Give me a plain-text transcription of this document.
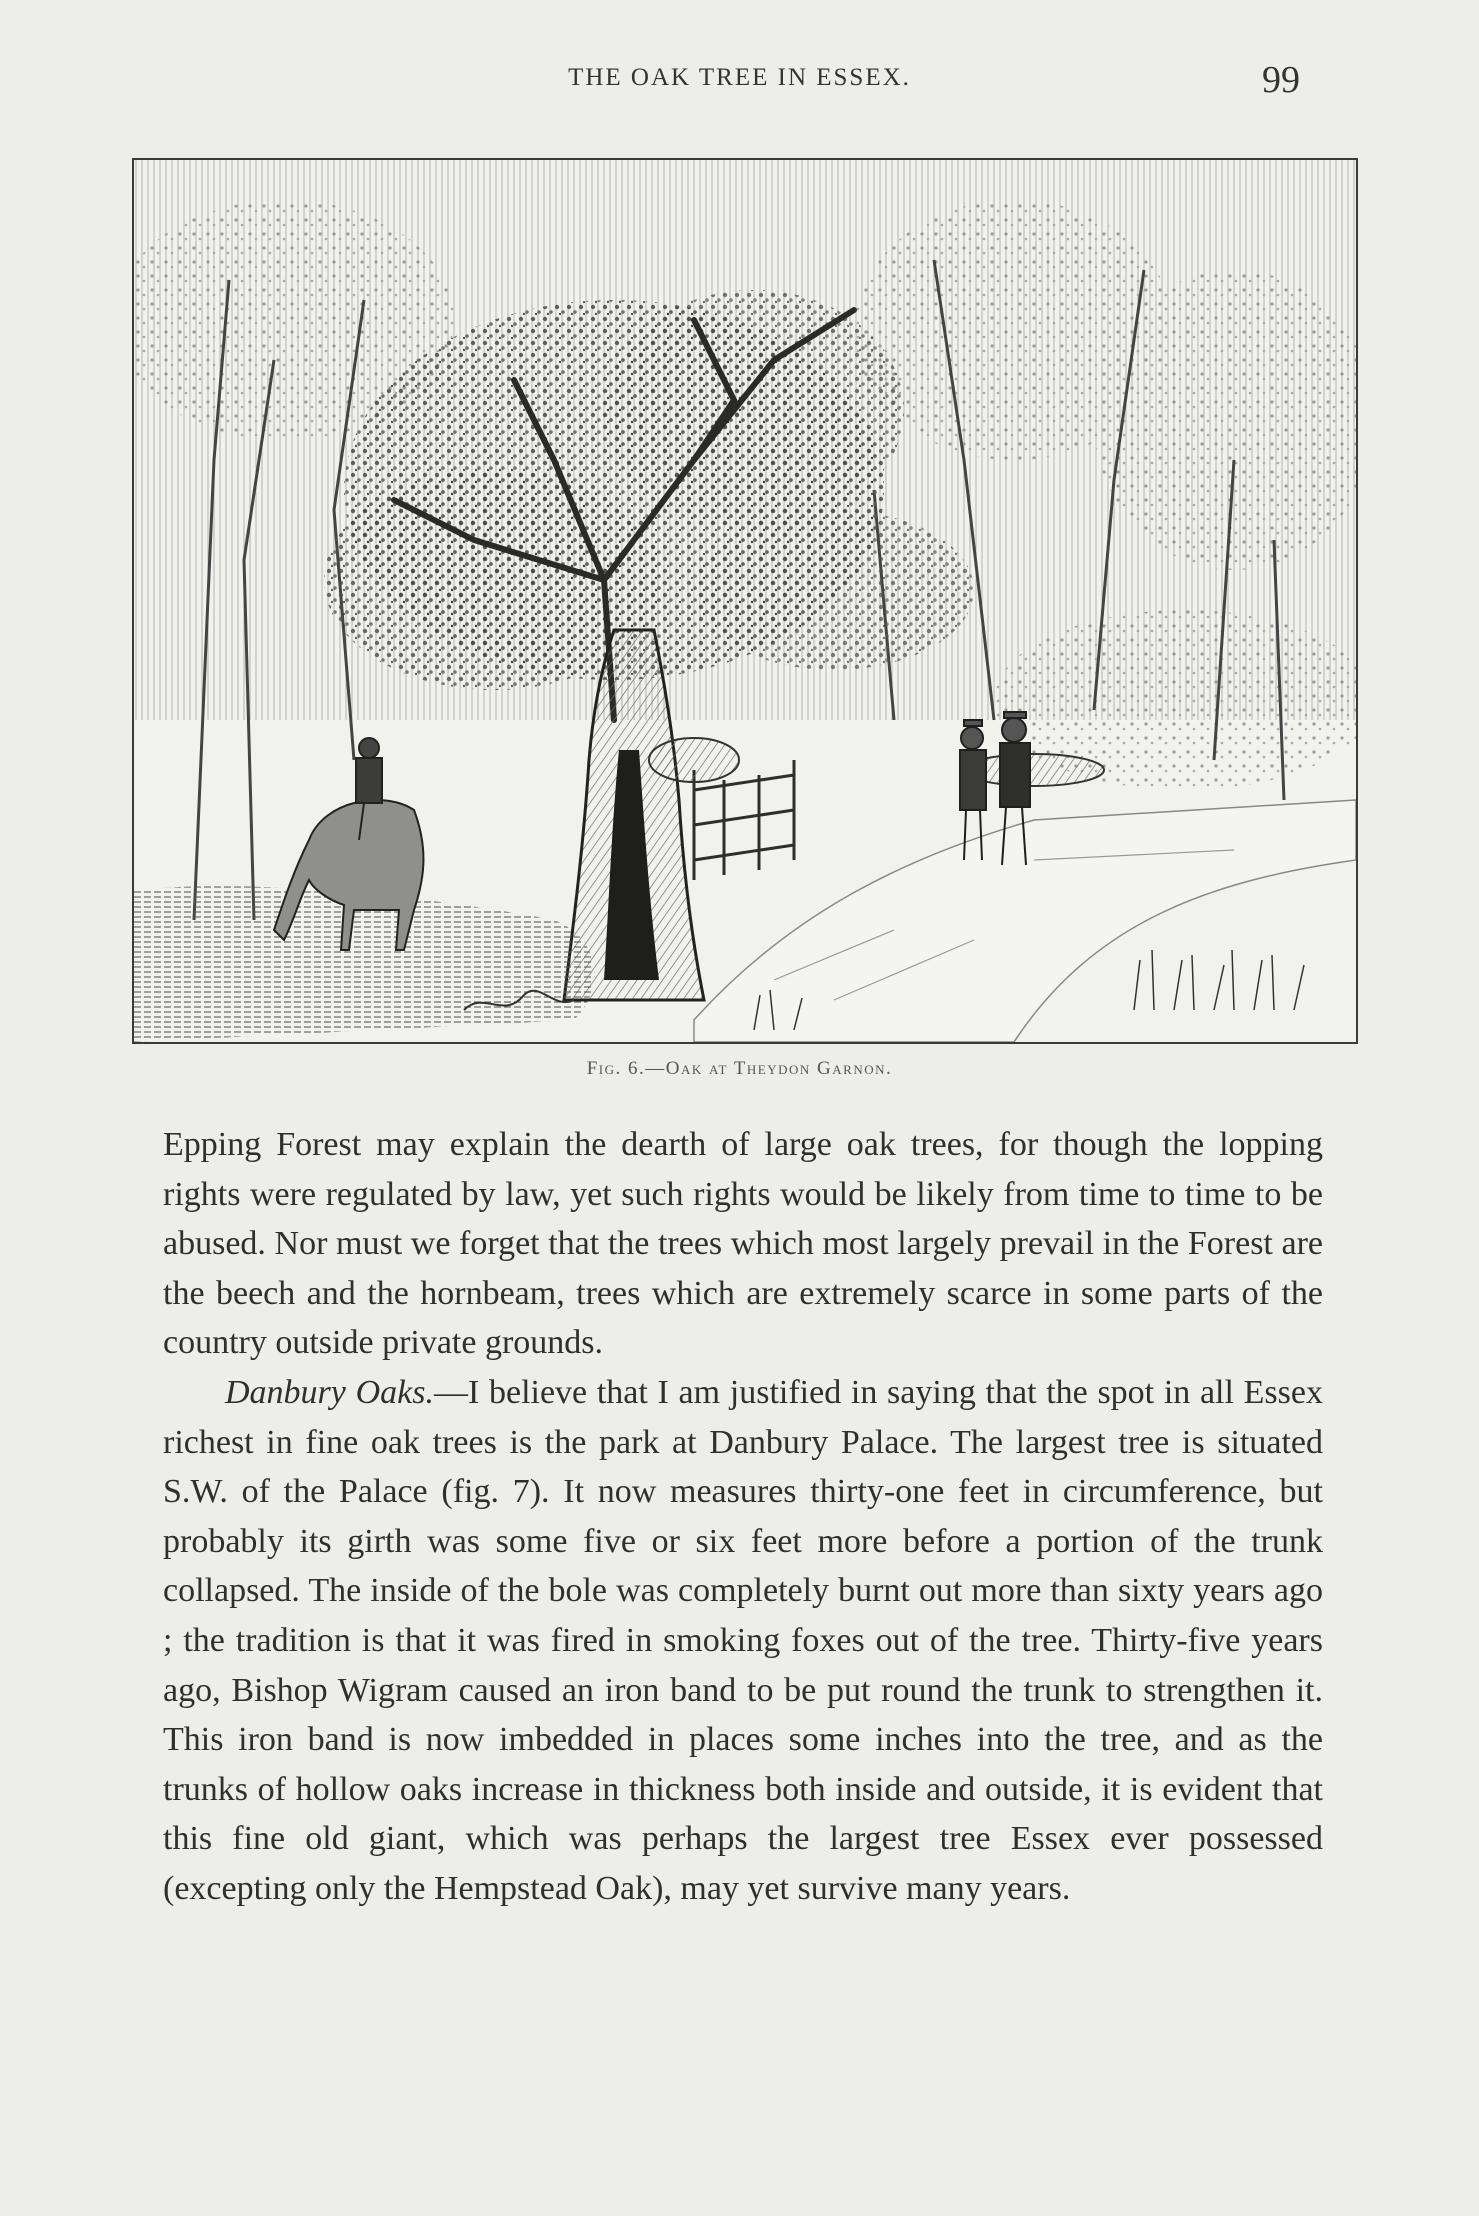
THE OAK TREE IN ESSEX.	99
Fig. 6.—Oak at Theydon Garnon.

Epping Forest may explain the dearth of large oak trees, for though the lopping rights were regulated by law, yet such rights would be likely from time to time to be abused. Nor must we forget that the trees which most largely prevail in the Forest are the beech and the hornbeam, trees which are extremely scarce in some parts of the country outside private grounds.

Danbury Oaks.—I believe that I am justified in saying that the spot in all Essex richest in fine oak trees is the park at Danbury Palace. The largest tree is situated S.W. of the Palace (fig. 7). It now measures thirty-one feet in circumference, but probably its girth was some five or six feet more before a portion of the trunk collapsed. The inside of the bole was completely burnt out more than sixty years ago ; the tradition is that it was fired in smoking foxes out of the tree. Thirty-five years ago, Bishop Wigram caused an iron band to be put round the trunk to strengthen it. This iron band is now imbedded in places some inches into the tree, and as the trunks of hollow oaks increase in thickness both inside and outside, it is evident that this fine old giant, which was perhaps the largest tree Essex ever possessed (excepting only the Hempstead Oak), may yet survive many years.
